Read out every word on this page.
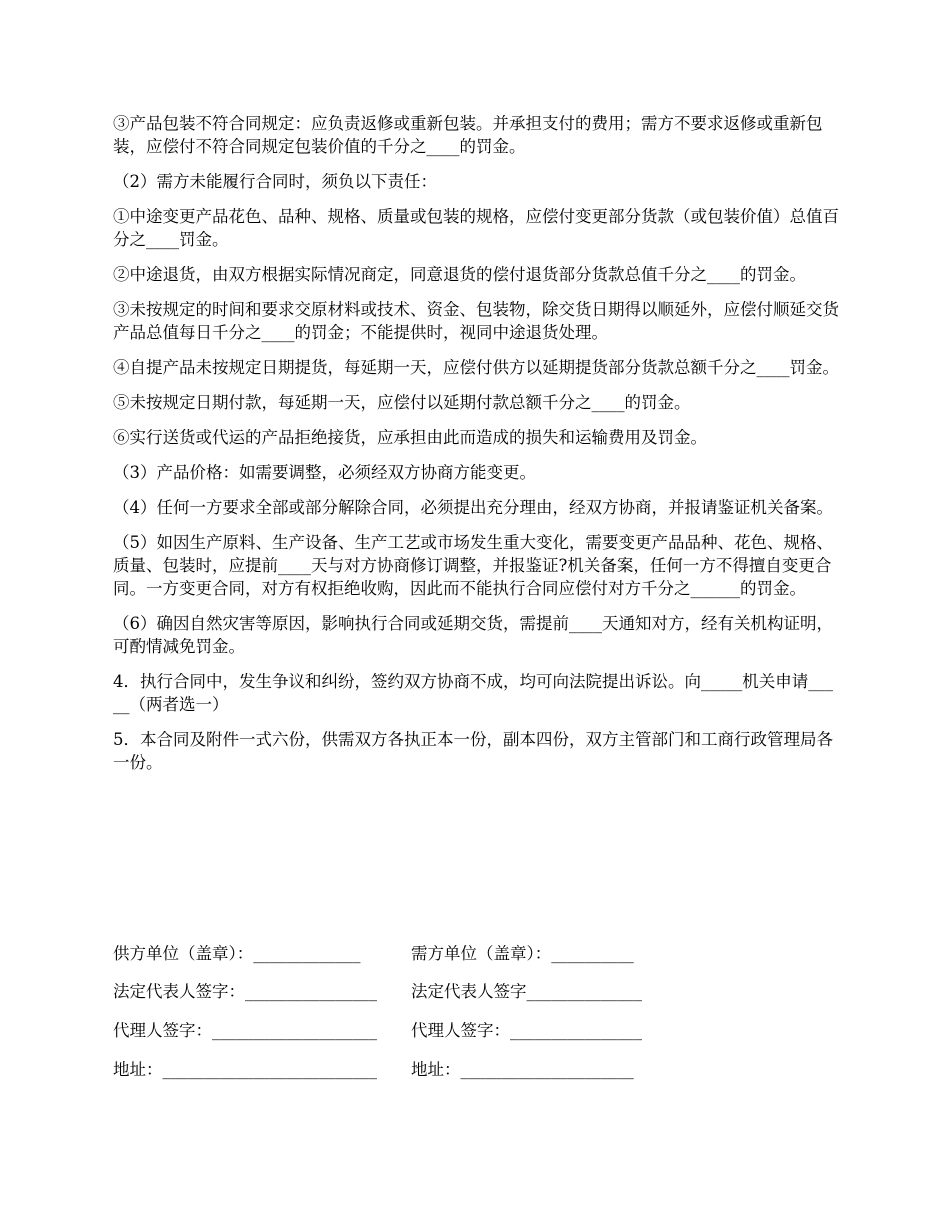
③产品包装不符合同规定：应负责返修或重新包装。并承担支付的费用；需方不要求返修或重新包装，应偿付不符合同规定包装价值的千分之____的罚金。

（2）需方未能履行合同时，须负以下责任：

①中途变更产品花色、品种、规格、质量或包装的规格，应偿付变更部分货款（或包装价值）总值百分之____罚金。

②中途退货，由双方根据实际情况商定，同意退货的偿付退货部分货款总值千分之____的罚金。

③未按规定的时间和要求交原材料或技术、资金、包装物，除交货日期得以顺延外，应偿付顺延交货产品总值每日千分之____的罚金；不能提供时，视同中途退货处理。

④自提产品未按规定日期提货，每延期一天，应偿付供方以延期提货部分货款总额千分之____罚金。

⑤未按规定日期付款，每延期一天，应偿付以延期付款总额千分之____的罚金。

⑥实行送货或代运的产品拒绝接货，应承担由此而造成的损失和运输费用及罚金。

（3）产品价格：如需要调整，必须经双方协商方能变更。

（4）任何一方要求全部或部分解除合同，必须提出充分理由，经双方协商，并报请鉴证机关备案。

（5）如因生产原料、生产设备、生产工艺或市场发生重大变化，需要变更产品品种、花色、规格、质量、包装时，应提前____天与对方协商修订调整，并报鉴证?机关备案，任何一方不得擅自变更合同。一方变更合同，对方有权拒绝收购，因此而不能执行合同应偿付对方千分之______的罚金。

（6）确因自然灾害等原因，影响执行合同或延期交货，需提前____天通知对方，经有关机构证明，可酌情减免罚金。

4．执行合同中，发生争议和纠纷，签约双方协商不成，均可向法院提出诉讼。向_____机关申请_____（两者选一）

5．本合同及附件一式六份，供需双方各执正本一份，副本四份，双方主管部门和工商行政管理局各一份。

供方单位（盖章）：_____________	需方单位（盖章）：__________
法定代表人签字：________________ 法定代表人签字______________
代理人签字：____________________ 代理人签字：________________
地址：__________________________ 地址：_____________________
